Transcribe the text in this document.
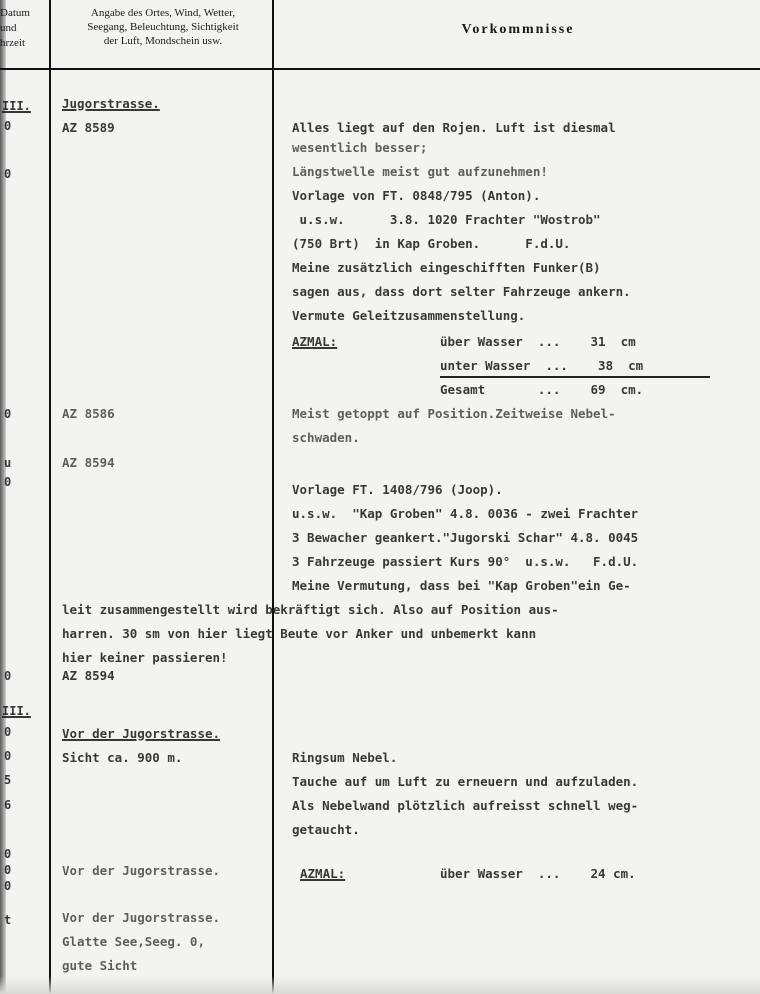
Datum
und
hrzeit
Angabe des Ortes, Wind, Wetter,
Seegang, Beleuchtung, Sichtigkeit
der Luft, Mondschein usw.
Vorkommnisse
III.
0
0
0
u
0
0
III.
0
0
5
6
0
0
0
t
Jugorstrasse.
AZ 8589
AZ 8586
AZ 8594
AZ 8594
Vor der Jugorstrasse.
Sicht ca. 900 m.
Vor der Jugorstrasse.
Vor der Jugorstrasse.
Glatte See,Seeg. 0,
gute Sicht
Alles liegt auf den Rojen. Luft ist diesmal
wesentlich besser;
Längstwelle meist gut aufzunehmen!
Vorlage von FT. 0848/795 (Anton).
u.s.w.      3.8. 1020 Frachter "Wostrob"
(750 Brt)  in Kap Groben.      F.d.U.
Meine zusätzlich eingeschifften Funker(B)
sagen aus, dass dort selter Fahrzeuge ankern.
Vermute Geleitzusammenstellung.
AZMAL:	über Wasser  ...    31  cm
unter Wasser  ...    38  cm
Gesamt       ...    69  cm.
Meist getoppt auf Position.Zeitweise Nebel-
schwaden.
Vorlage FT. 1408/796 (Joop).
u.s.w.  "Kap Groben" 4.8. 0036 - zwei Frachter
3 Bewacher geankert."Jugorski Schar" 4.8. 0045
3 Fahrzeuge passiert Kurs 90°  u.s.w.   F.d.U.
Meine Vermutung, dass bei "Kap Groben"ein Ge-
leit zusammengestellt wird bekräftigt sich. Also auf Position aus-
harren. 30 sm von hier liegt Beute vor Anker und unbemerkt kann
hier keiner passieren!
Ringsum Nebel.
Tauche auf um Luft zu erneuern und aufzuladen.
Als Nebelwand plötzlich aufreisst schnell weg-
getaucht.
AZMAL:	über Wasser  ...    24 cm.
